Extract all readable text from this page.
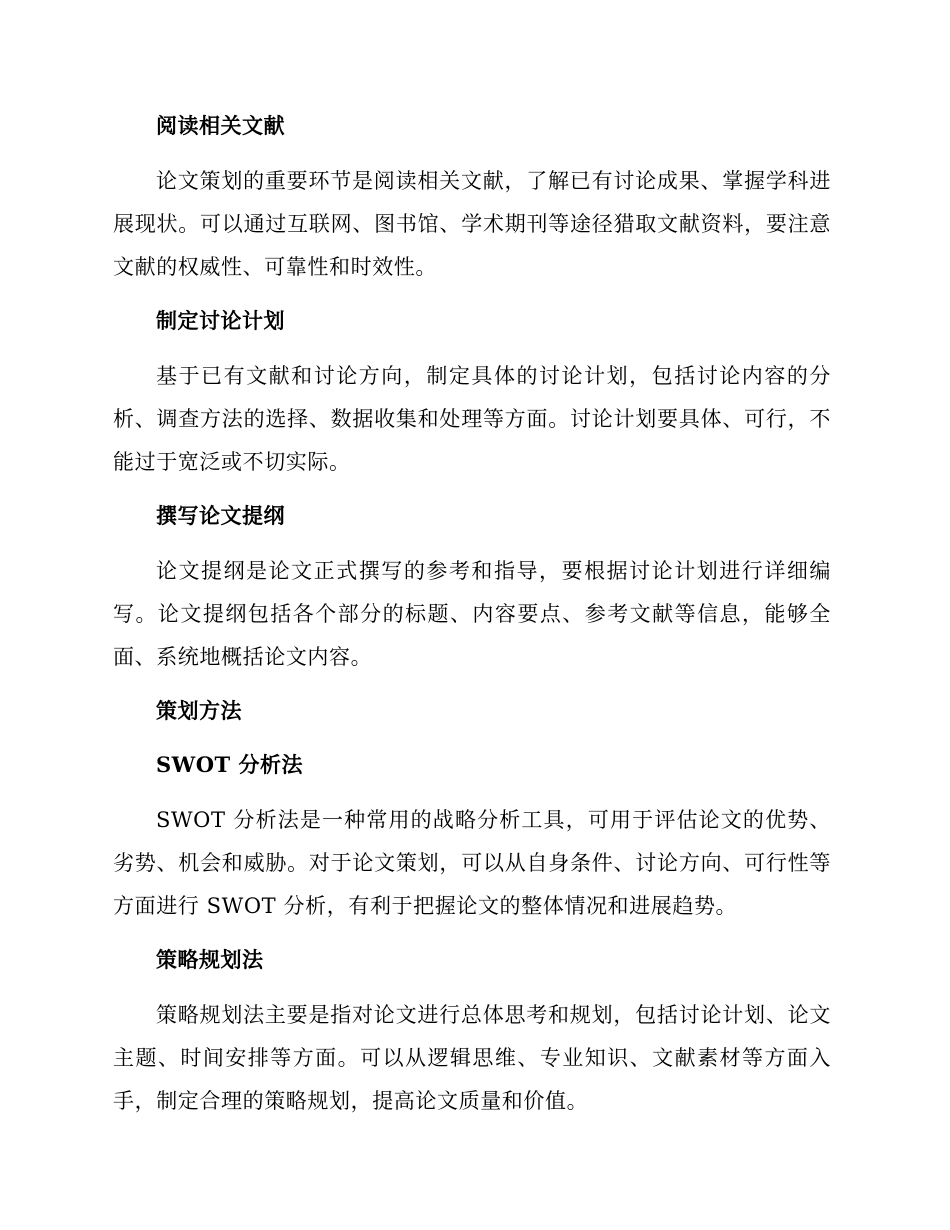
阅读相关文献

论文策划的重要环节是阅读相关文献，了解已有讨论成果、掌握学科进展现状。可以通过互联网、图书馆、学术期刊等途径猎取文献资料，要注意文献的权威性、可靠性和时效性。

制定讨论计划

基于已有文献和讨论方向，制定具体的讨论计划，包括讨论内容的分析、调查方法的选择、数据收集和处理等方面。讨论计划要具体、可行，不能过于宽泛或不切实际。

撰写论文提纲

论文提纲是论文正式撰写的参考和指导，要根据讨论计划进行详细编写。论文提纲包括各个部分的标题、内容要点、参考文献等信息，能够全面、系统地概括论文内容。

策划方法
SWOT 分析法

SWOT 分析法是一种常用的战略分析工具，可用于评估论文的优势、劣势、机会和威胁。对于论文策划，可以从自身条件、讨论方向、可行性等方面进行 SWOT 分析，有利于把握论文的整体情况和进展趋势。

策略规划法

策略规划法主要是指对论文进行总体思考和规划，包括讨论计划、论文主题、时间安排等方面。可以从逻辑思维、专业知识、文献素材等方面入手，制定合理的策略规划，提高论文质量和价值。
